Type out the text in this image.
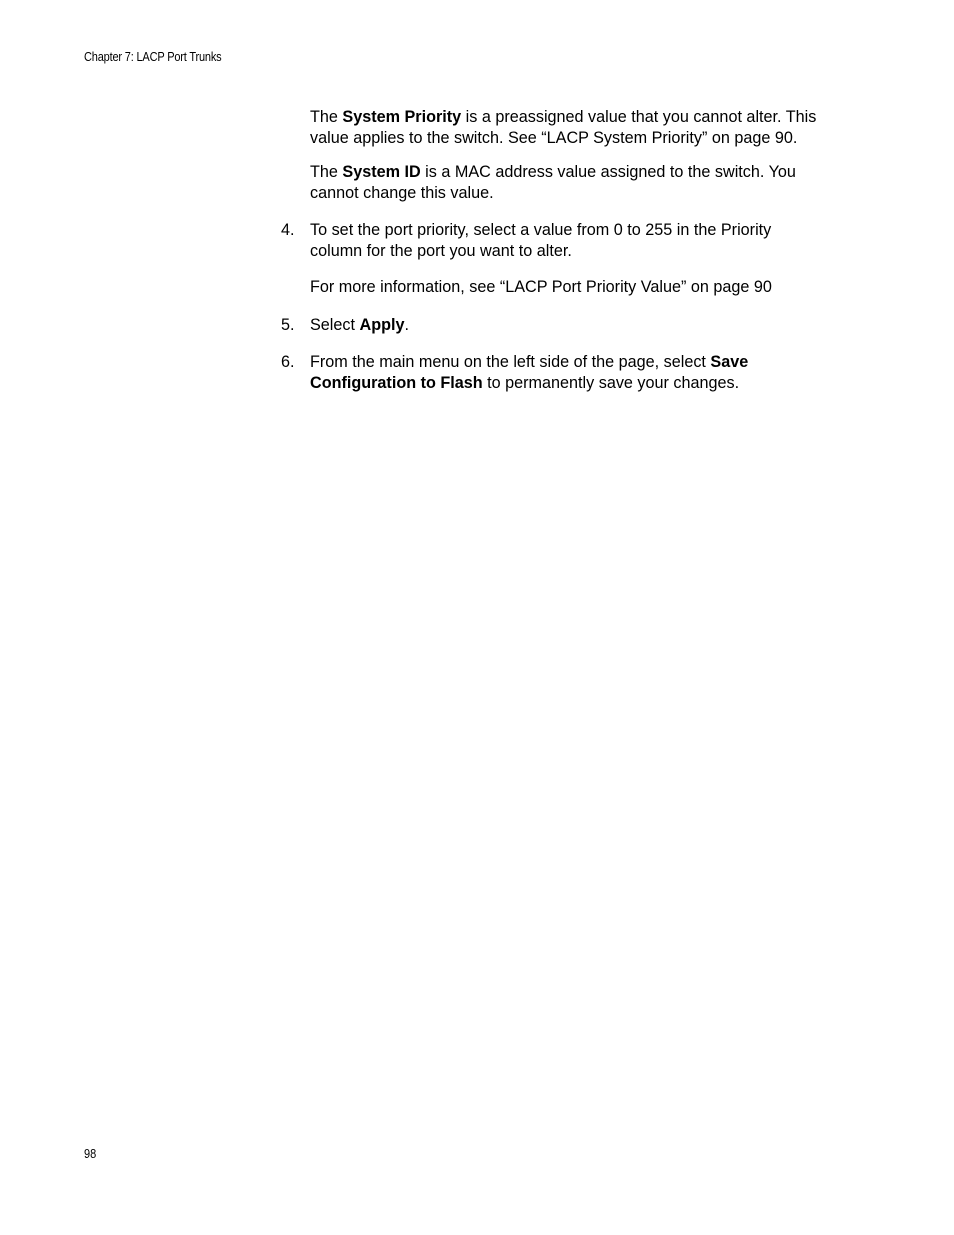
Chapter 7: LACP Port Trunks
The System Priority is a preassigned value that you cannot alter. This
value applies to the switch. See “LACP System Priority” on page 90.
The System ID is a MAC address value assigned to the switch. You
cannot change this value.
4. To set the port priority, select a value from 0 to 255 in the Priority
column for the port you want to alter.
For more information, see “LACP Port Priority Value” on page 90
5. Select Apply.
6. From the main menu on the left side of the page, select Save
Configuration to Flash to permanently save your changes.
98
